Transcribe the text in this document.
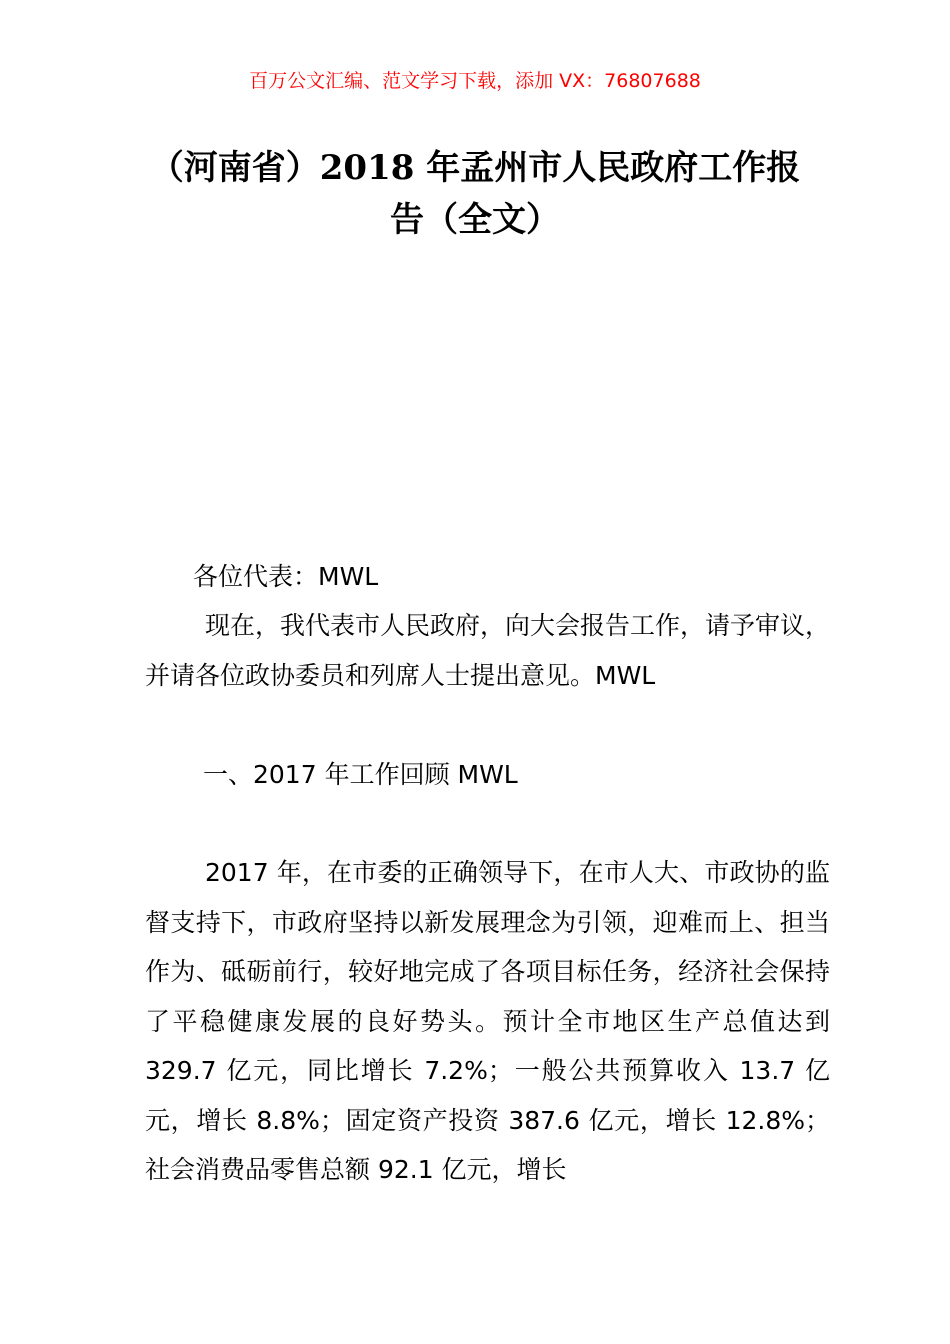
百万公文汇编、范文学习下载，添加 VX：76807688
（河南省）2018 年孟州市人民政府工作报告（全文）

各位代表：MWL

现在，我代表市人民政府，向大会报告工作，请予审议，并请各位政协委员和列席人士提出意见。MWL

一、2017 年工作回顾 MWL

2017 年，在市委的正确领导下，在市人大、市政协的监督支持下，市政府坚持以新发展理念为引领，迎难而上、担当作为、砥砺前行，较好地完成了各项目标任务，经济社会保持了平稳健康发展的良好势头。预计全市地区生产总值达到 329.7 亿元，同比增长 7.2%；一般公共预算收入 13.7 亿元，增长 8.8%；固定资产投资 387.6 亿元，增长 12.8%；社会消费品零售总额 92.1 亿元，增长
